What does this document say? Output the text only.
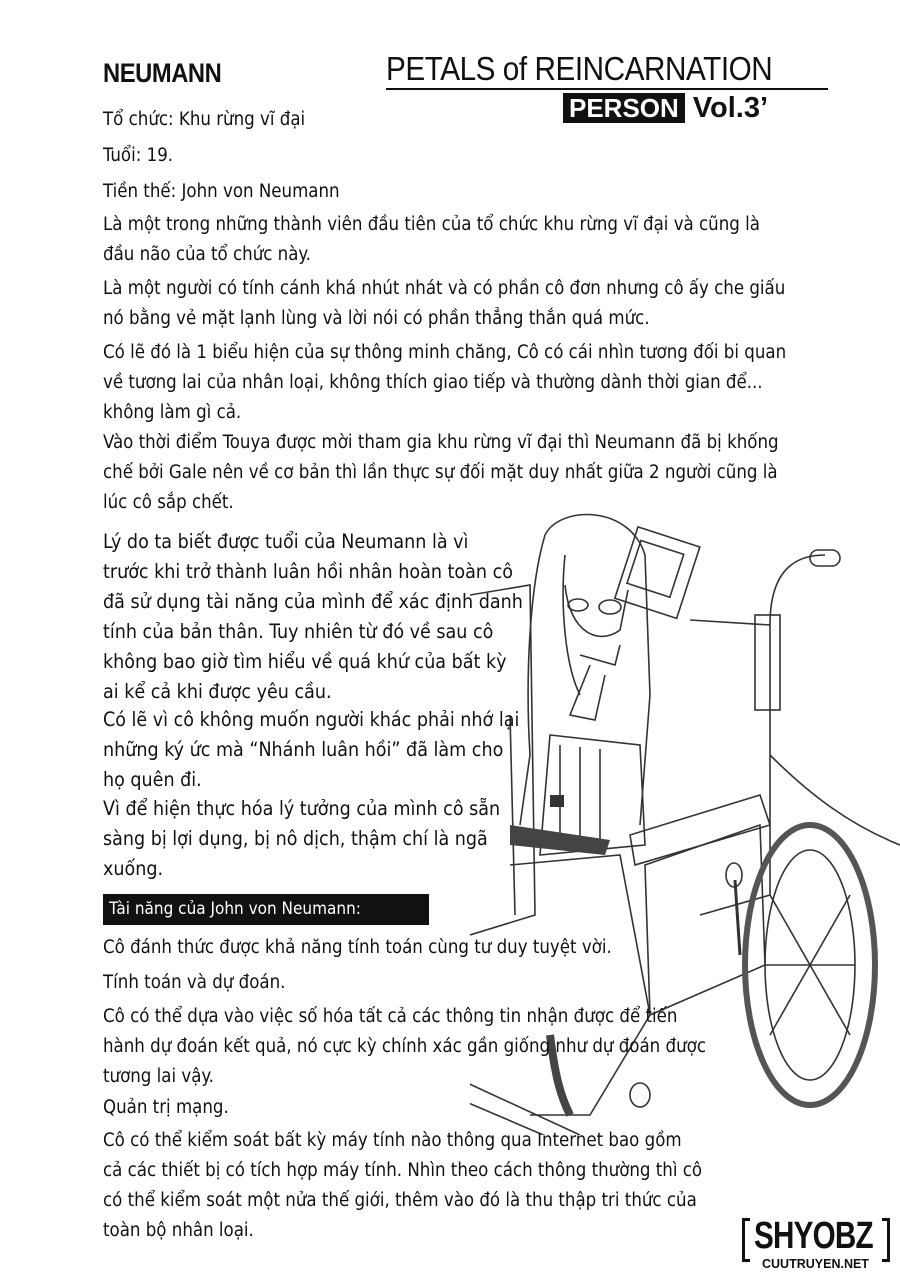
NEUMANN	PETALS of REINCARNATION
PERSON Vol.3’
Tổ chức: Khu rừng vĩ đại
Tuổi: 19.
Tiền thế: John von Neumann
Là một trong những thành viên đầu tiên của tổ chức khu rừng vĩ đại và cũng là
đầu não của tổ chức này.
Là một người có tính cánh khá nhút nhát và có phần cô đơn nhưng cô ấy che giấu
nó bằng vẻ mặt lạnh lùng và lời nói có phần thẳng thắn quá mức.
Có lẽ đó là 1 biểu hiện của sự thông minh chăng, Cô có cái nhìn tương đối bi quan
về tương lai của nhân loại, không thích giao tiếp và thường dành thời gian để...
không làm gì cả.
Vào thời điểm Touya được mời tham gia khu rừng vĩ đại thì Neumann đã bị khống
chế bởi Gale nên về cơ bản thì lần thực sự đối mặt duy nhất giữa 2 người cũng là
lúc cô sắp chết.
Lý do ta biết được tuổi của Neumann là vì
trước khi trở thành luân hồi nhân hoàn toàn cô
đã sử dụng tài năng của mình để xác định danh
tính của bản thân. Tuy nhiên từ đó về sau cô
không bao giờ tìm hiểu về quá khứ của bất kỳ
ai kể cả khi được yêu cầu.
Có lẽ vì cô không muốn người khác phải nhớ lại
những ký ức mà “Nhánh luân hồi” đã làm cho
họ quên đi.
Vì để hiện thực hóa lý tưởng của mình cô sẵn
sàng bị lợi dụng, bị nô dịch, thậm chí là ngã
xuống.
Tài năng của John von Neumann:
Cô đánh thức được khả năng tính toán cùng tư duy tuyệt vời.
Tính toán và dự đoán.
Cô có thể dựa vào việc số hóa tất cả các thông tin nhận được để tiến
hành dự đoán kết quả, nó cực kỳ chính xác gần giống như dự đoán được
tương lai vậy.
Quản trị mạng.
Cô có thể kiểm soát bất kỳ máy tính nào thông qua Internet bao gồm
cả các thiết bị có tích hợp máy tính. Nhìn theo cách thông thường thì cô
có thể kiểm soát một nửa thế giới, thêm vào đó là thu thập tri thức của
toàn bộ nhân loại.	SHYOBZ
CUUTRUYEN.NET
